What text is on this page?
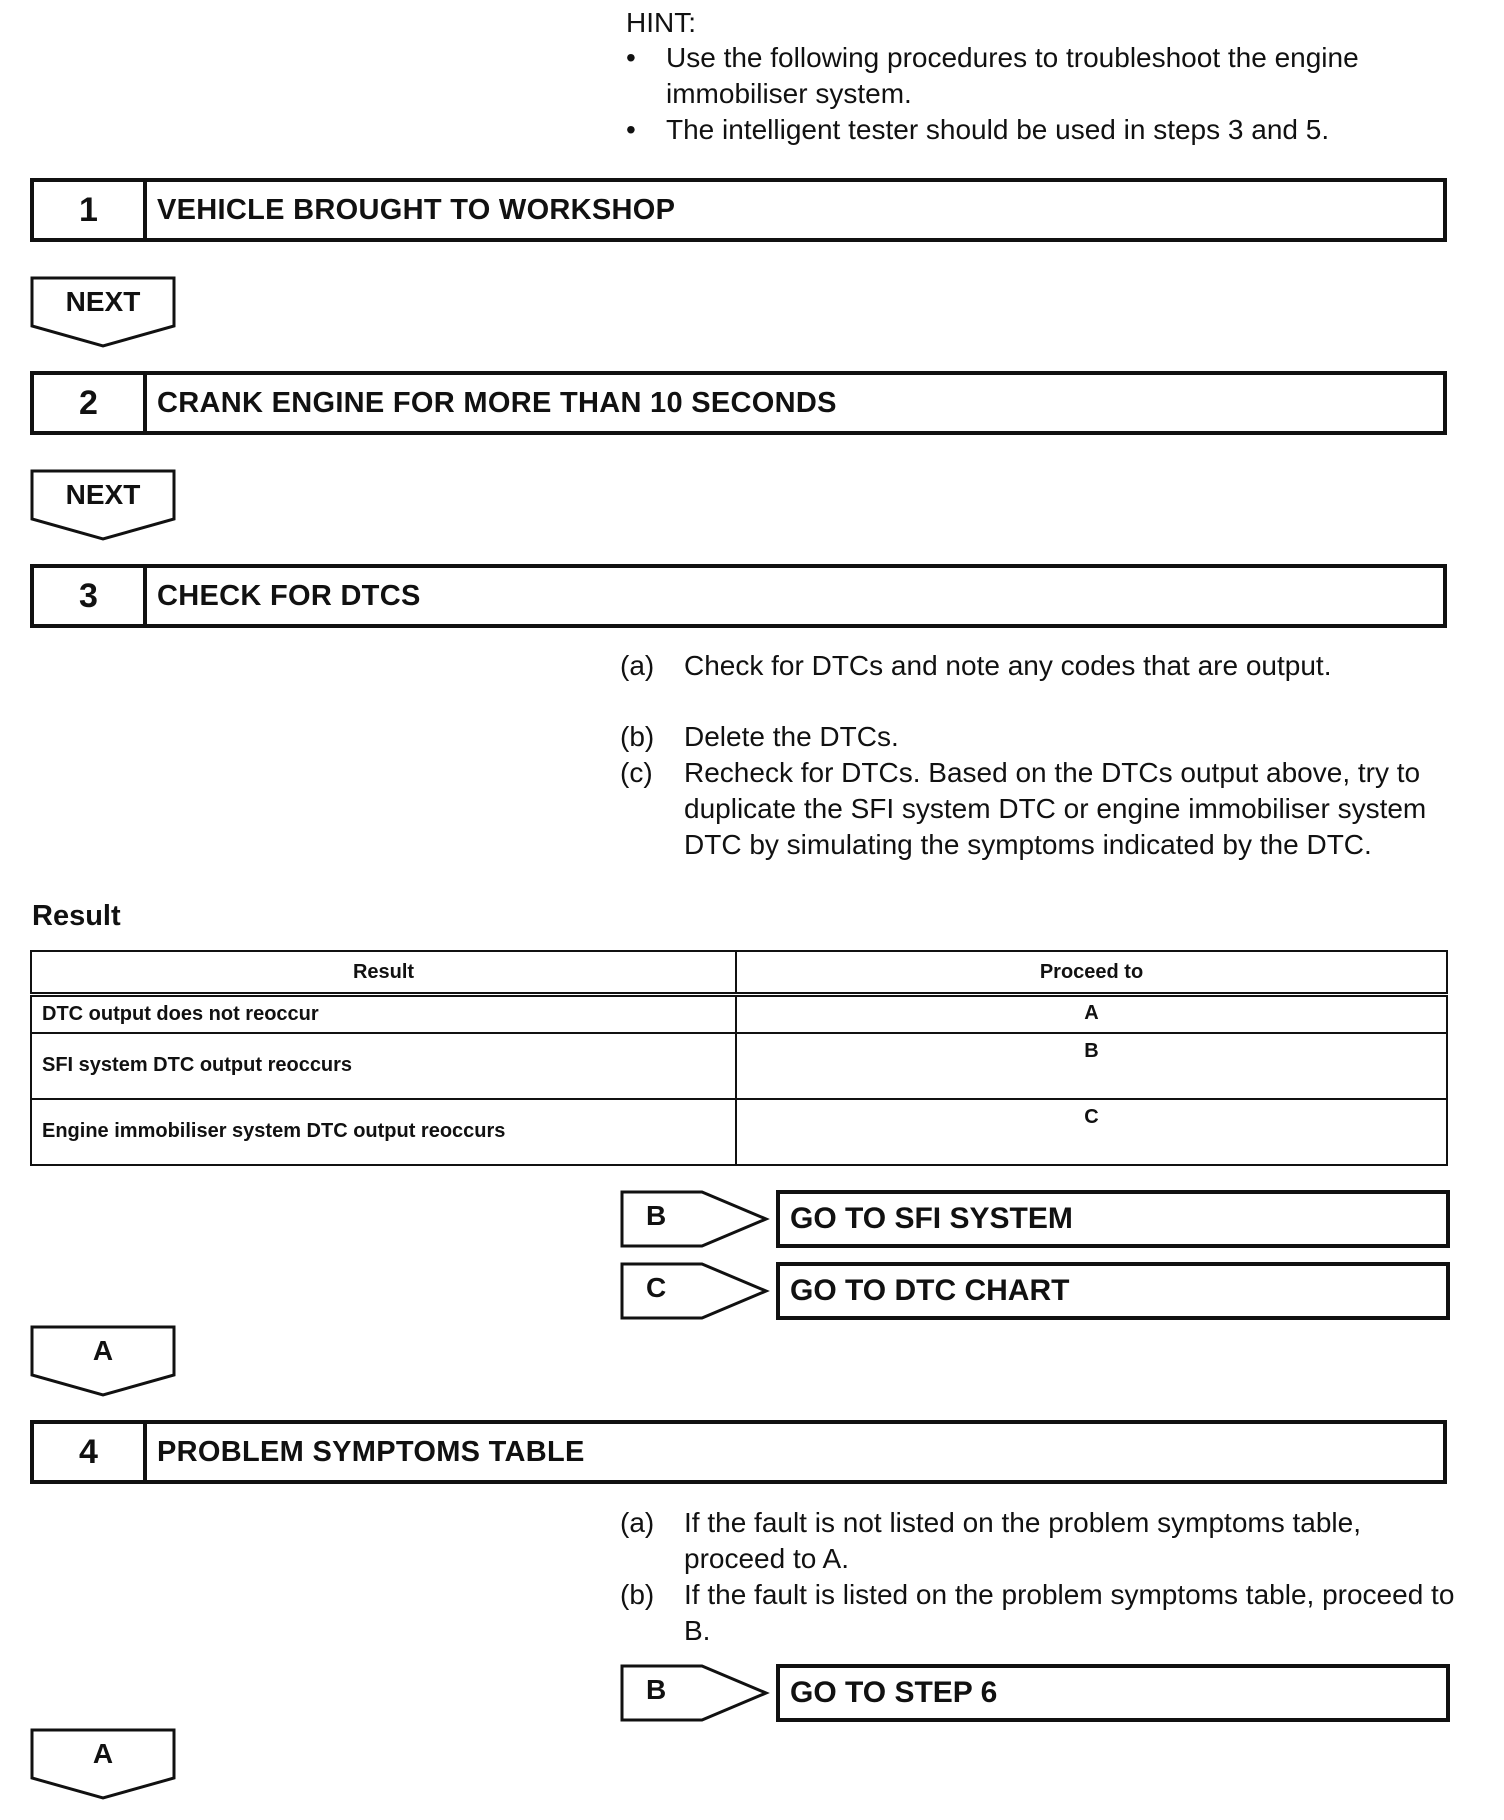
HINT:
• Use the following procedures to troubleshoot the engine immobiliser system.
• The intelligent tester should be used in steps 3 and 5.
1	VEHICLE BROUGHT TO WORKSHOP
NEXT
2	CRANK ENGINE FOR MORE THAN 10 SECONDS
NEXT
3	CHECK FOR DTCS
(a) Check for DTCs and note any codes that are output.
(b) Delete the DTCs.
(c) Recheck for DTCs. Based on the DTCs output above, try to duplicate the SFI system DTC or engine immobiliser system DTC by simulating the symptoms indicated by the DTC.
Result
Result	Proceed to
DTC output does not reoccur	A
SFI system DTC output reoccurs	B
Engine immobiliser system DTC output reoccurs	C
B	GO TO SFI SYSTEM
C	GO TO DTC CHART
A
4	PROBLEM SYMPTOMS TABLE
(a) If the fault is not listed on the problem symptoms table, proceed to A.
(b) If the fault is listed on the problem symptoms table, proceed to B.
B	GO TO STEP 6
A
